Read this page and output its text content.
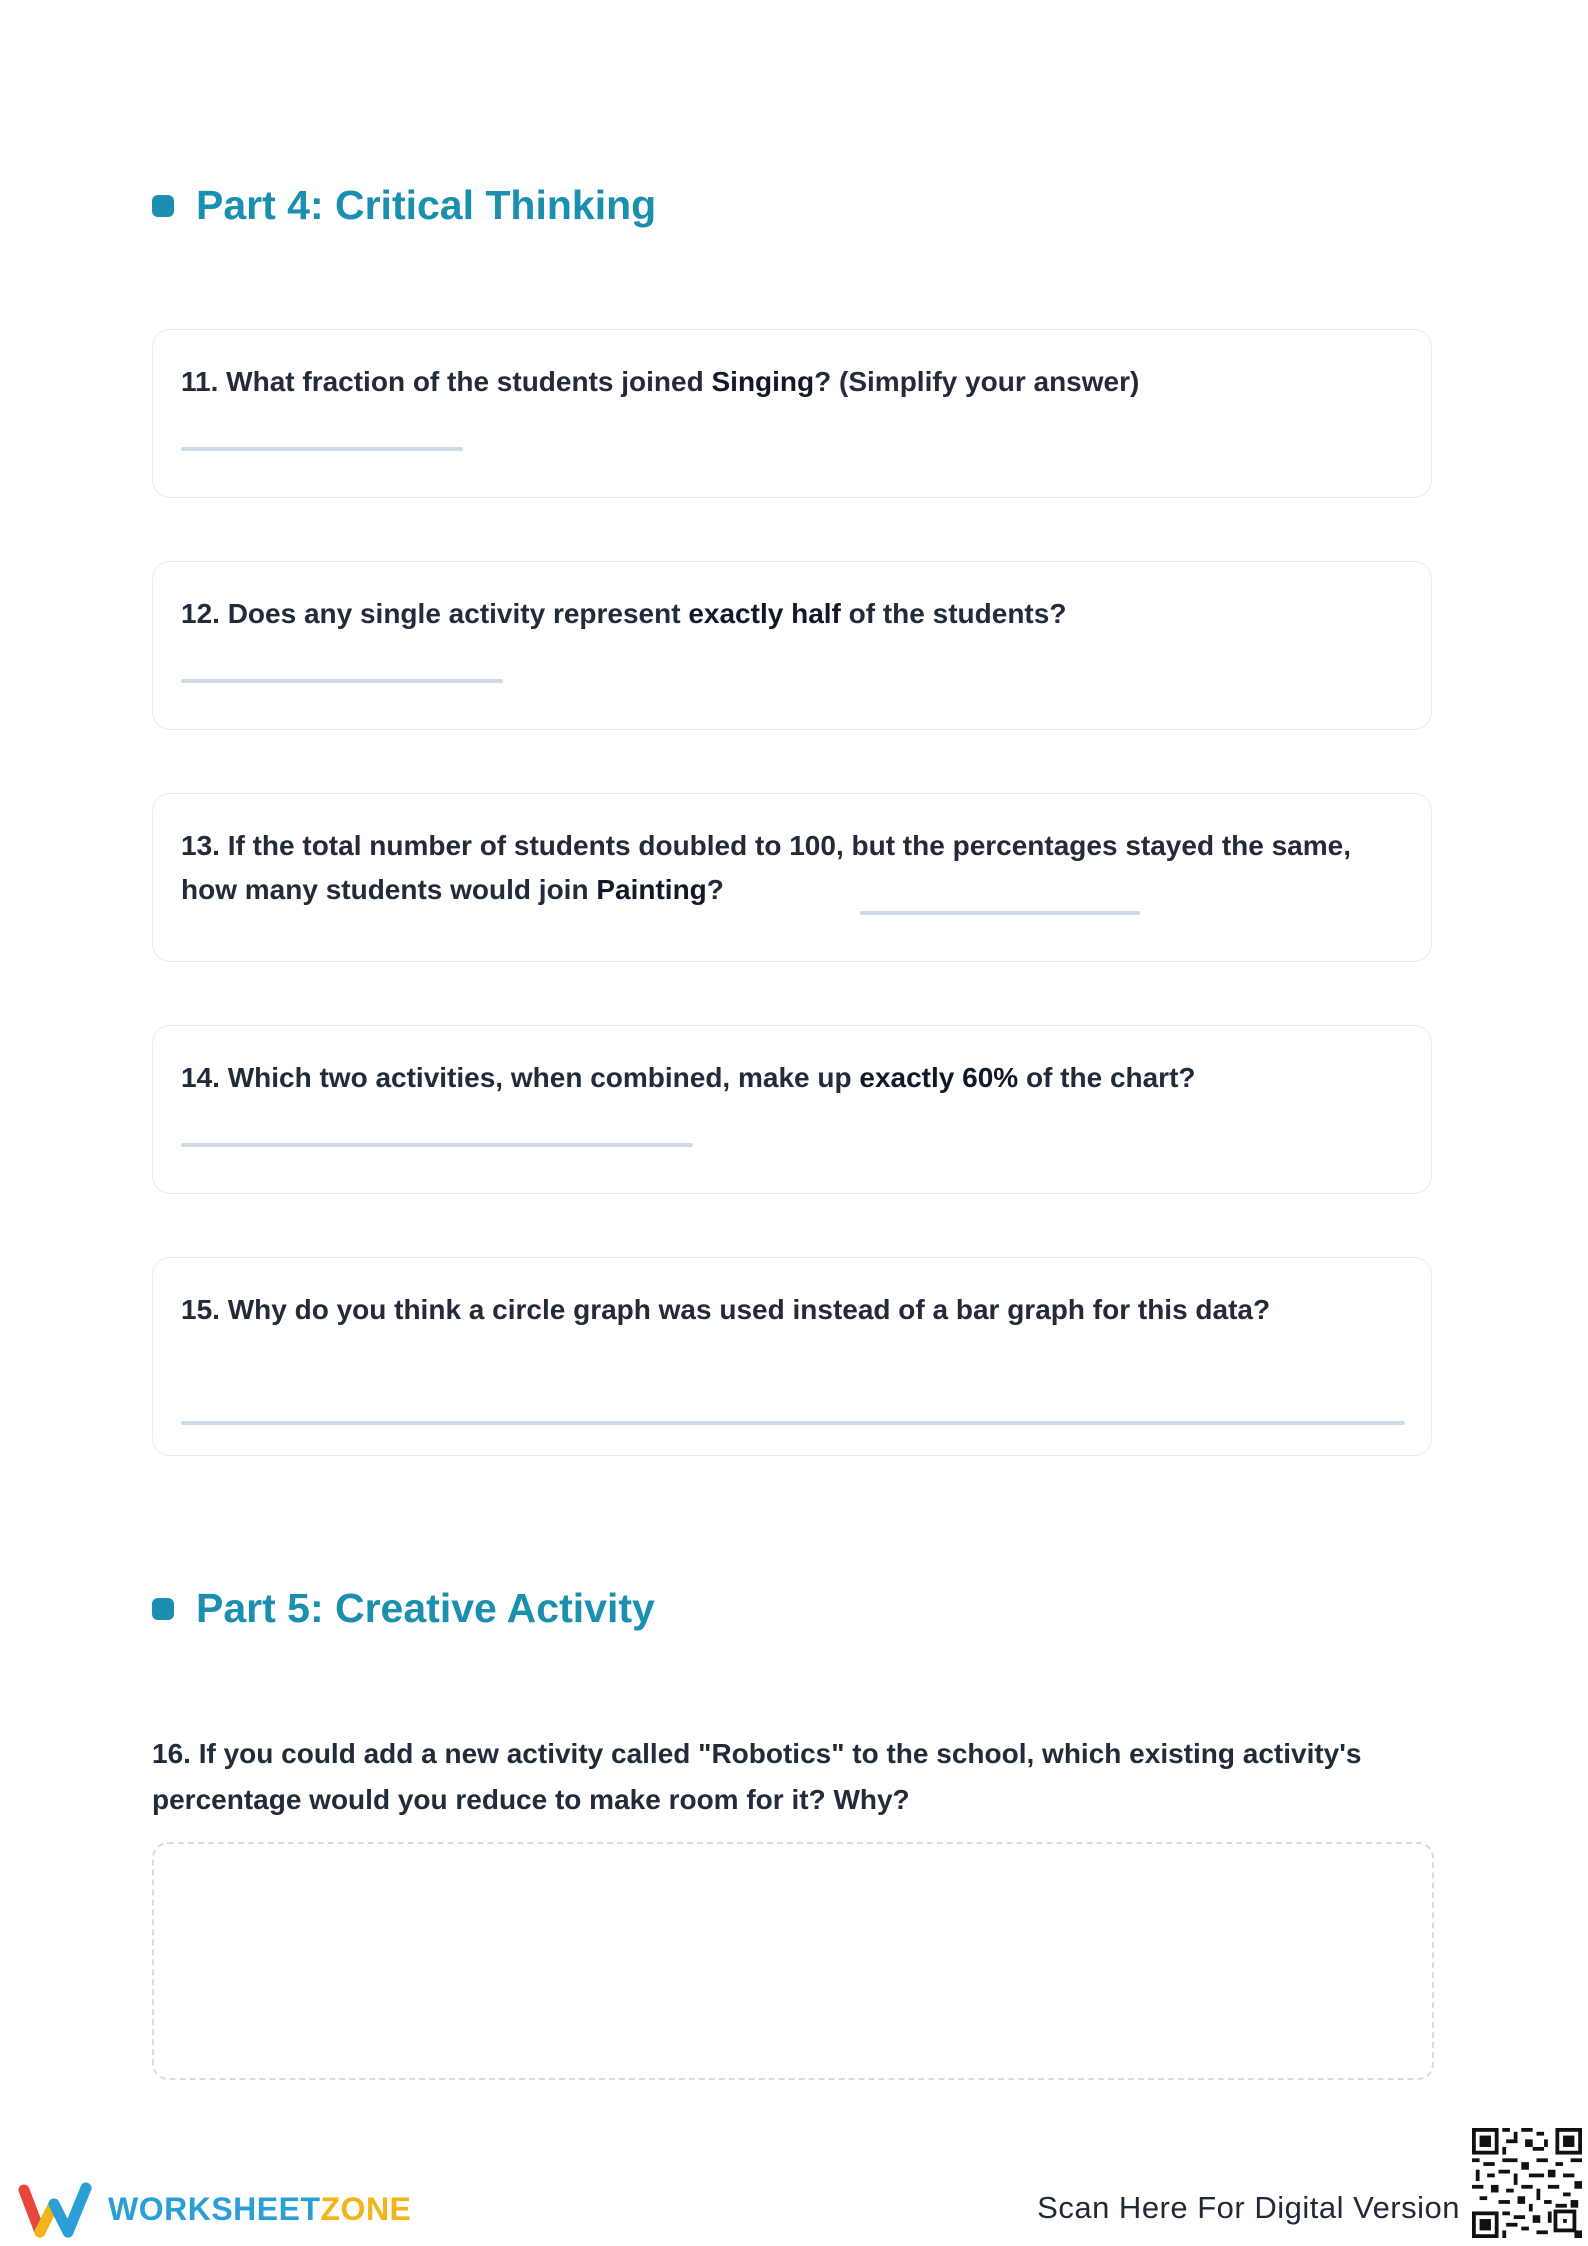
Part 4: Critical Thinking
11. What fraction of the students joined Singing? (Simplify your answer)
12. Does any single activity represent exactly half of the students?
13. If the total number of students doubled to 100, but the percentages stayed the same, how many students would join Painting?
14. Which two activities, when combined, make up exactly 60% of the chart?
15. Why do you think a circle graph was used instead of a bar graph for this data?
Part 5: Creative Activity
16. If you could add a new activity called "Robotics" to the school, which existing activity's percentage would you reduce to make room for it? Why?
WORKSHEETZONE	Scan Here For Digital Version
